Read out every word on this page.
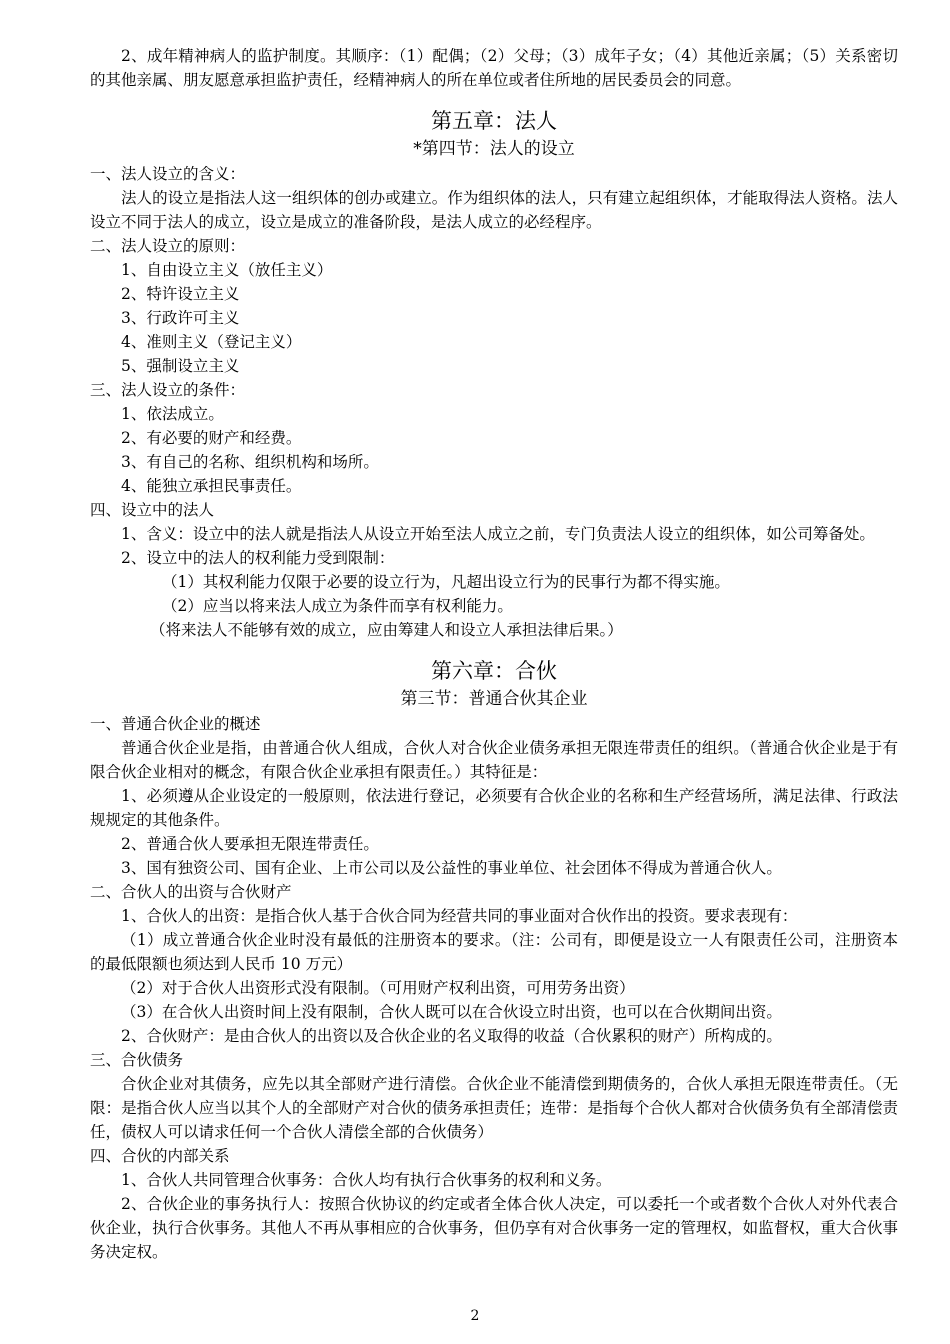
2、成年精神病人的监护制度。其顺序：（1）配偶；（2）父母；（3）成年子女；（4）其他近亲属；（5）关系密切的其他亲属、朋友愿意承担监护责任，经精神病人的所在单位或者住所地的居民委员会的同意。

第五章：法人

*第四节：法人的设立

一、法人设立的含义：

法人的设立是指法人这一组织体的创办或建立。作为组织体的法人，只有建立起组织体，才能取得法人资格。法人设立不同于法人的成立，设立是成立的准备阶段，是法人成立的必经程序。

二、法人设立的原则：

1、自由设立主义（放任主义）

2、特许设立主义

3、行政许可主义

4、准则主义（登记主义）

5、强制设立主义

三、法人设立的条件：

1、依法成立。

2、有必要的财产和经费。

3、有自己的名称、组织机构和场所。

4、能独立承担民事责任。

四、设立中的法人

1、含义：设立中的法人就是指法人从设立开始至法人成立之前，专门负责法人设立的组织体，如公司筹备处。

2、设立中的法人的权利能力受到限制：

（1）其权利能力仅限于必要的设立行为，凡超出设立行为的民事行为都不得实施。

（2）应当以将来法人成立为条件而享有权利能力。

（将来法人不能够有效的成立，应由筹建人和设立人承担法律后果。）

第六章：合伙

第三节：普通合伙其企业

一、普通合伙企业的概述

普通合伙企业是指，由普通合伙人组成，合伙人对合伙企业债务承担无限连带责任的组织。（普通合伙企业是于有限合伙企业相对的概念，有限合伙企业承担有限责任。）其特征是：

1、必须遵从企业设定的一般原则，依法进行登记，必须要有合伙企业的名称和生产经营场所，满足法律、行政法规规定的其他条件。

2、普通合伙人要承担无限连带责任。

3、国有独资公司、国有企业、上市公司以及公益性的事业单位、社会团体不得成为普通合伙人。

二、合伙人的出资与合伙财产

1、合伙人的出资：是指合伙人基于合伙合同为经营共同的事业面对合伙作出的投资。要求表现有：

（1）成立普通合伙企业时没有最低的注册资本的要求。（注：公司有，即便是设立一人有限责任公司，注册资本的最低限额也须达到人民币 10 万元）

（2）对于合伙人出资形式没有限制。（可用财产权利出资，可用劳务出资）

（3）在合伙人出资时间上没有限制，合伙人既可以在合伙设立时出资，也可以在合伙期间出资。

2、合伙财产：是由合伙人的出资以及合伙企业的名义取得的收益（合伙累积的财产）所构成的。

三、合伙债务

合伙企业对其债务，应先以其全部财产进行清偿。合伙企业不能清偿到期债务的，合伙人承担无限连带责任。（无限：是指合伙人应当以其个人的全部财产对合伙的债务承担责任；连带：是指每个合伙人都对合伙债务负有全部清偿责任，债权人可以请求任何一个合伙人清偿全部的合伙债务）

四、合伙的内部关系

1、合伙人共同管理合伙事务：合伙人均有执行合伙事务的权利和义务。

2、合伙企业的事务执行人：按照合伙协议的约定或者全体合伙人决定，可以委托一个或者数个合伙人对外代表合伙企业，执行合伙事务。其他人不再从事相应的合伙事务，但仍享有对合伙事务一定的管理权，如监督权，重大合伙事务决定权。

2
